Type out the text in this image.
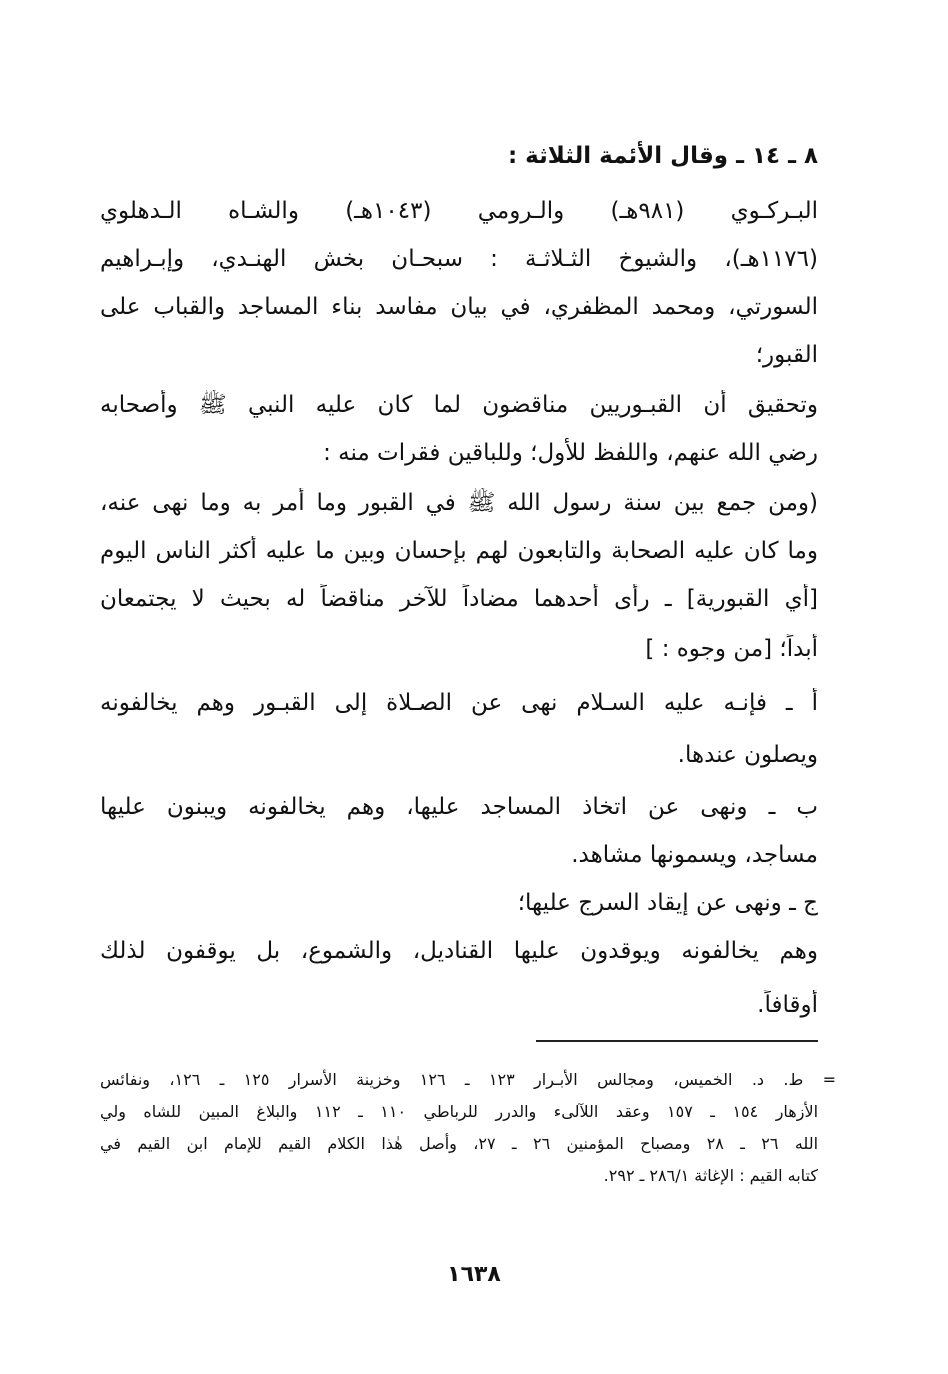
٨ ـ ١٤ ـ وقال الأئمة الثلاثة :
البـركـوي (٩٨١هـ) والـرومي (١٠٤٣هـ) والشـاه الـدهلوي
(١١٧٦هـ)، والشيوخ الثـلاثـة : سبحـان بخش الهنـدي، وإبـراهيم
السورتي، ومحمد المظفري، في بيان مفاسد بناء المساجد والقباب على
القبور؛
وتحقيق أن القبـوريين مناقضون لما كان عليه النبي ﷺ وأصحابه
رضي الله عنهم، واللفظ للأول؛ وللباقين فقرات منه :
(ومن جمع بين سنة رسول الله ﷺ في القبور وما أمر به وما نهى عنه،
وما كان عليه الصحابة والتابعون لهم بإحسان وبين ما عليه أكثر الناس اليوم
[أي القبورية] ـ رأى أحدهما مضاداً للآخر مناقضاً له بحيث لا يجتمعان
أبداً؛ [من وجوه : ]
أ ـ فإنـه عليه السـلام نهى عن الصـلاة إلى القبـور وهم يخالفونه
ويصلون عندها.
ب ـ ونهى عن اتخاذ المساجد عليها، وهم يخالفونه ويبنون عليها
مساجد، ويسمونها مشاهد.
ج ـ ونهى عن إيقاد السرج عليها؛
وهم يخالفونه ويوقدون عليها القناديل، والشموع، بل يوقفون لذلك
أوقافاً.
= ط. د. الخميس، ومجالس الأبـرار ١٢٣ ـ ١٢٦ وخزينة الأسرار ١٢٥ ـ ١٢٦، ونفائس
الأزهار ١٥٤ ـ ١٥٧ وعقد اللآلىء والدرر للرباطي ١١٠ ـ ١١٢ والبلاغ المبين للشاه ولي
الله ٢٦ ـ ٢٨ ومصباح المؤمنين ٢٦ ـ ٢٧، وأصل هٰذا الكلام القيم للإمام ابن القيم في
كتابه القيم : الإغاثة ٢٨٦/١ ـ ٢٩٢.
١٦٣٨
